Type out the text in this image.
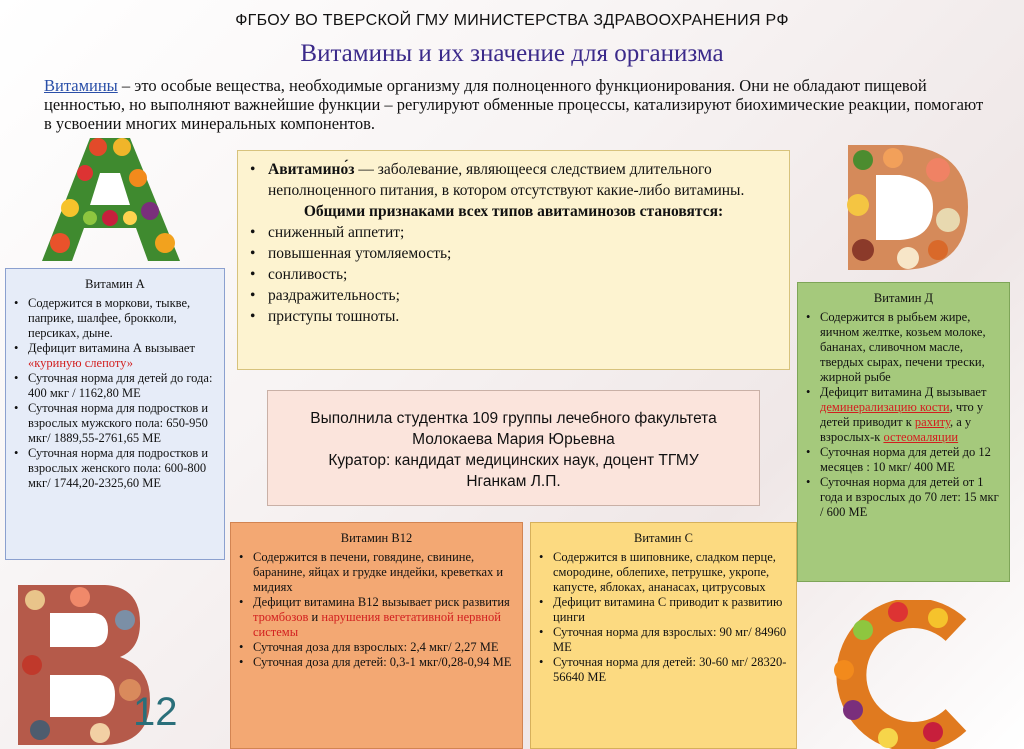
ФГБОУ ВО ТВЕРСКОЙ ГМУ МИНИСТЕРСТВА ЗДРАВООХРАНЕНИЯ РФ
Витамины и их значение для организма
Витамины – это особые вещества, необходимые организму для полноценного функционирования. Они не обладают пищевой ценностью, но выполняют важнейшие функции – регулируют обменные процессы, катализируют биохимические реакции, помогают в усвоении многих минеральных компонентов.
12
• Авитамино́з — заболевание, являющееся следствием длительного неполноценного питания, в котором отсутствуют какие-либо витамины.
Общими признаками всех типов авитаминозов становятся:
• сниженный аппетит;
• повышенная утомляемость;
• сонливость;
• раздражительность;
• приступы тошноты.
Выполнила студентка 109 группы лечебного факультета
Молокаева Мария Юрьевна
Куратор: кандидат медицинских наук, доцент ТГМУ
Нганкам Л.П.
Витамин А
• Содержится в моркови, тыкве, паприке, шалфее, брокколи, персиках, дыне.
• Дефицит витамина А вызывает «куриную слепоту»
• Суточная норма для детей до года: 400 мкг / 1162,80 МЕ
• Суточная норма для подростков и взрослых мужского пола: 650-950 мкг/ 1889,55-2761,65 МЕ
• Суточная норма для подростков и взрослых женского пола: 600-800 мкг/ 1744,20-2325,60 МЕ
Витамин Д
• Содержится в рыбьем жире, яичном желтке, козьем молоке, бананах, сливочном масле, твердых сырах, печени трески, жирной рыбе
• Дефицит витамина Д вызывает деминерализацию кости, что у детей приводит к рахиту, а у взрослых-к остеомаляции
• Суточная норма для детей до 12 месяцев : 10 мкг/ 400 МЕ
• Суточная норма для детей от 1 года и взрослых до 70 лет: 15 мкг / 600 МЕ
Витамин В12
• Содержится в печени, говядине, свинине, баранине, яйцах и грудке индейки, креветках и мидиях
• Дефицит витамина В12 вызывает риск развития тромбозов и нарушения вегетативной нервной системы
• Суточная доза для взрослых: 2,4 мкг/ 2,27 МЕ
• Суточная доза для детей: 0,3-1 мкг/0,28-0,94 МЕ
Витамин С
• Содержится в шиповнике, сладком перце, смородине, облепихе, петрушке, укропе, капусте, яблоках, ананасах, цитрусовых
• Дефицит витамина С приводит к развитию цинги
• Суточная норма для взрослых: 90 мг/ 84960 МЕ
• Суточная норма для детей: 30-60 мг/ 28320-56640 МЕ
